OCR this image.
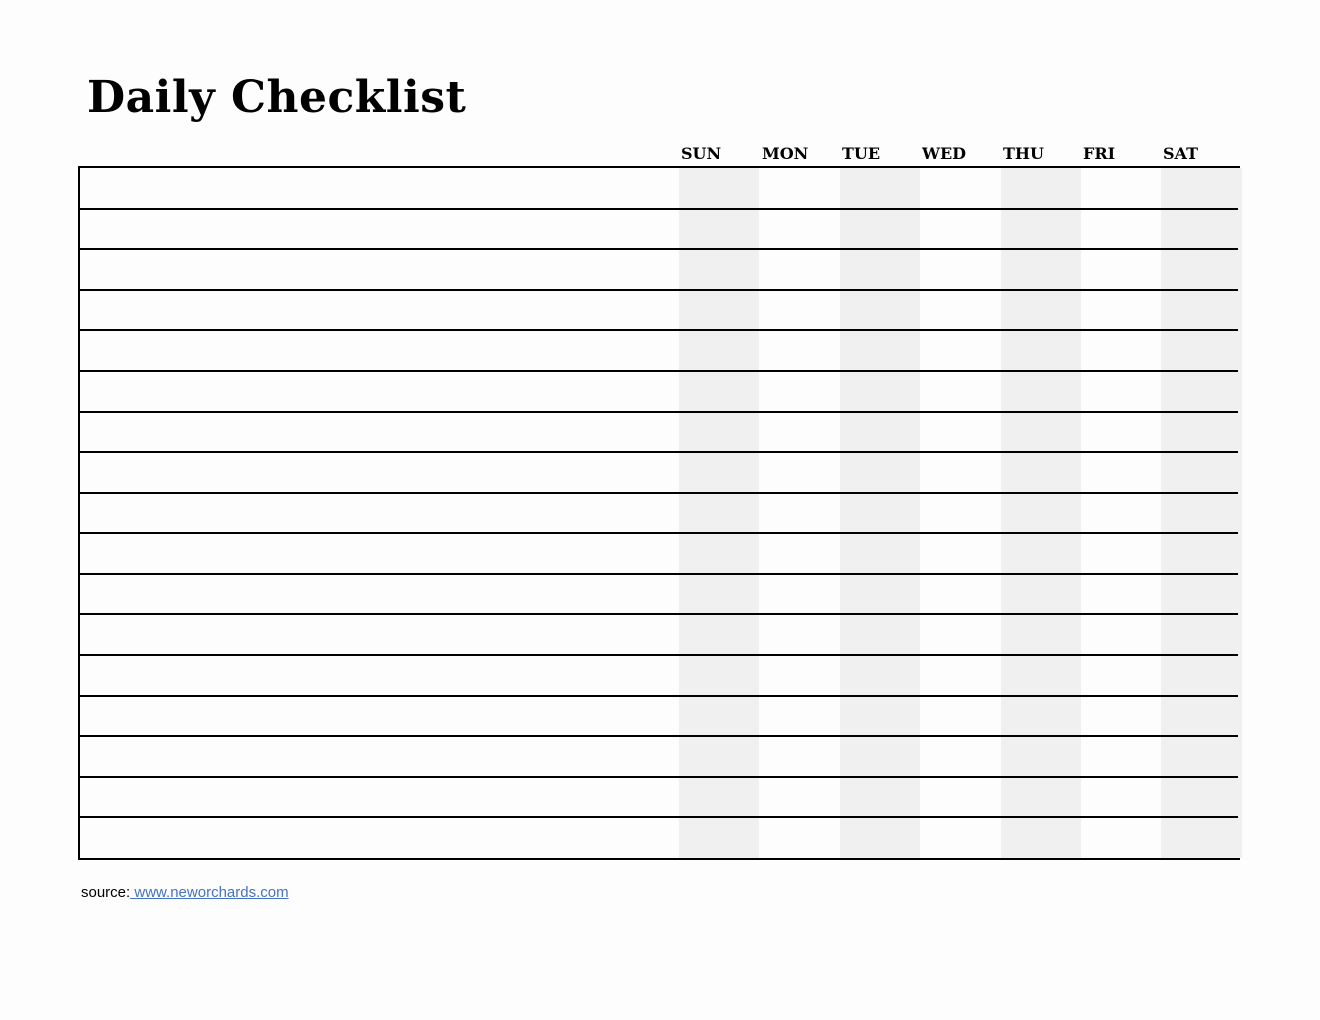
Daily Checklist
SUN	MON TUE	WED THU FRI	SAT
source: www.neworchards.com
